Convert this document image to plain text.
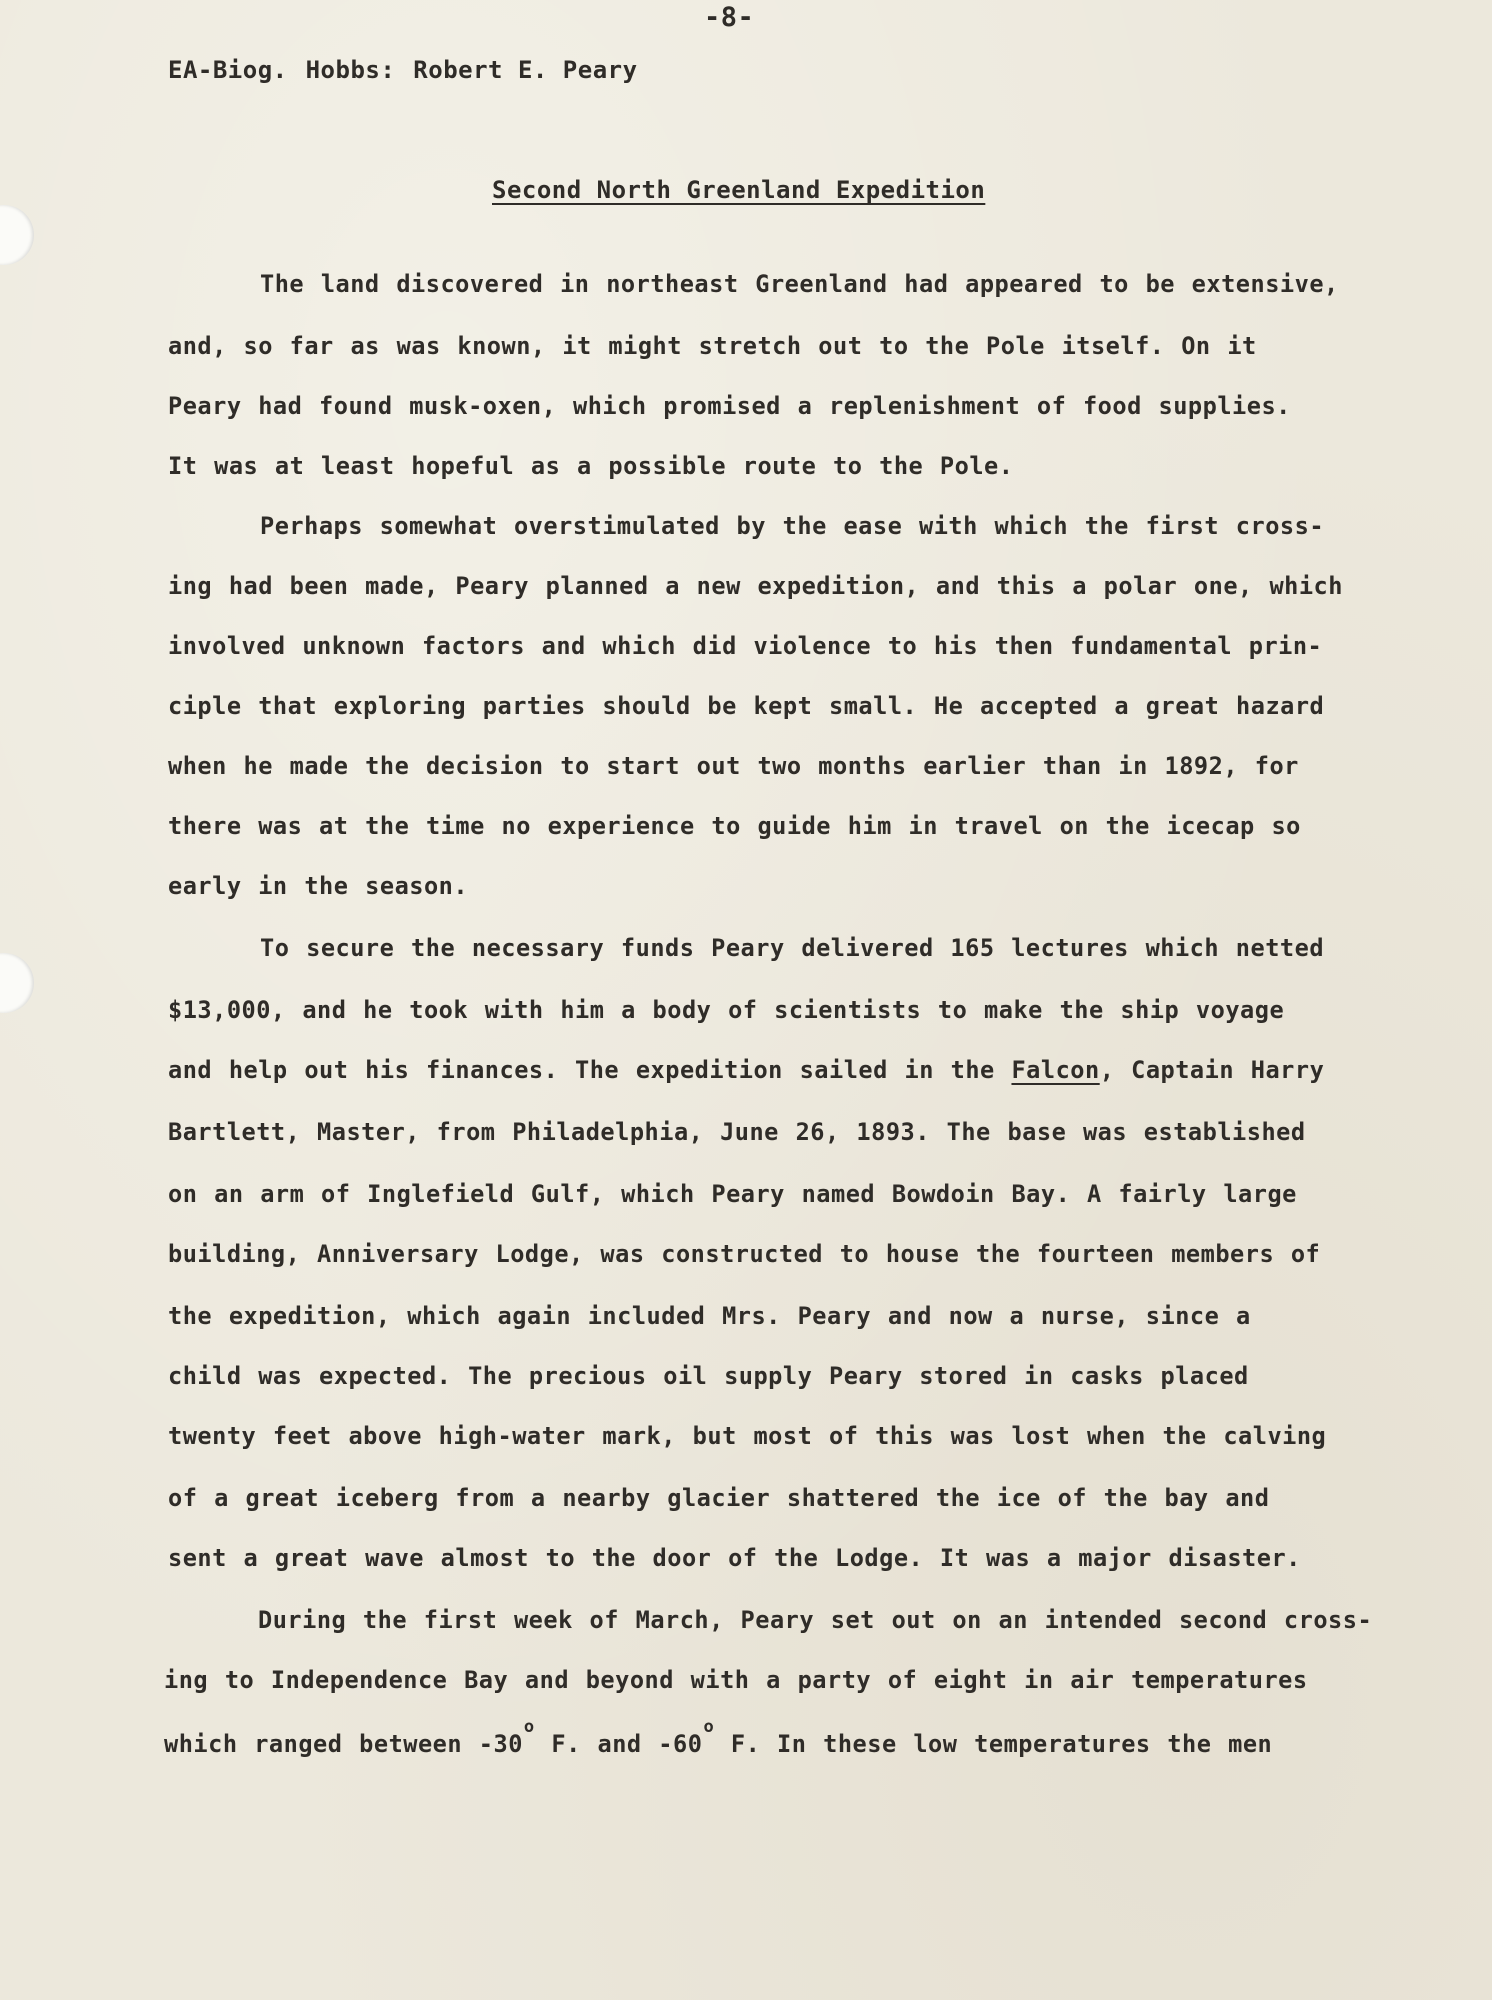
-8-
EA-Biog. Hobbs: Robert E. Peary
Second North Greenland Expedition
The land discovered in northeast Greenland had appeared to be extensive,
and, so far as was known, it might stretch out to the Pole itself. On it
Peary had found musk-oxen, which promised a replenishment of food supplies.
It was at least hopeful as a possible route to the Pole.
Perhaps somewhat overstimulated by the ease with which the first cross-
ing had been made, Peary planned a new expedition, and this a polar one, which
involved unknown factors and which did violence to his then fundamental prin-
ciple that exploring parties should be kept small. He accepted a great hazard
when he made the decision to start out two months earlier than in 1892, for
there was at the time no experience to guide him in travel on the icecap so
early in the season.
To secure the necessary funds Peary delivered 165 lectures which netted
$13,000, and he took with him a body of scientists to make the ship voyage
and help out his finances. The expedition sailed in the Falcon, Captain Harry
Bartlett, Master, from Philadelphia, June 26, 1893. The base was established
on an arm of Inglefield Gulf, which Peary named Bowdoin Bay. A fairly large
building, Anniversary Lodge, was constructed to house the fourteen members of
the expedition, which again included Mrs. Peary and now a nurse, since a
child was expected. The precious oil supply Peary stored in casks placed
twenty feet above high-water mark, but most of this was lost when the calving
of a great iceberg from a nearby glacier shattered the ice of the bay and
sent a great wave almost to the door of the Lodge. It was a major disaster.
During the first week of March, Peary set out on an intended second cross-
ing to Independence Bay and beyond with a party of eight in air temperatures
which ranged between -30$^o$ F. and -60$^o$ F. In these low temperatures the men
